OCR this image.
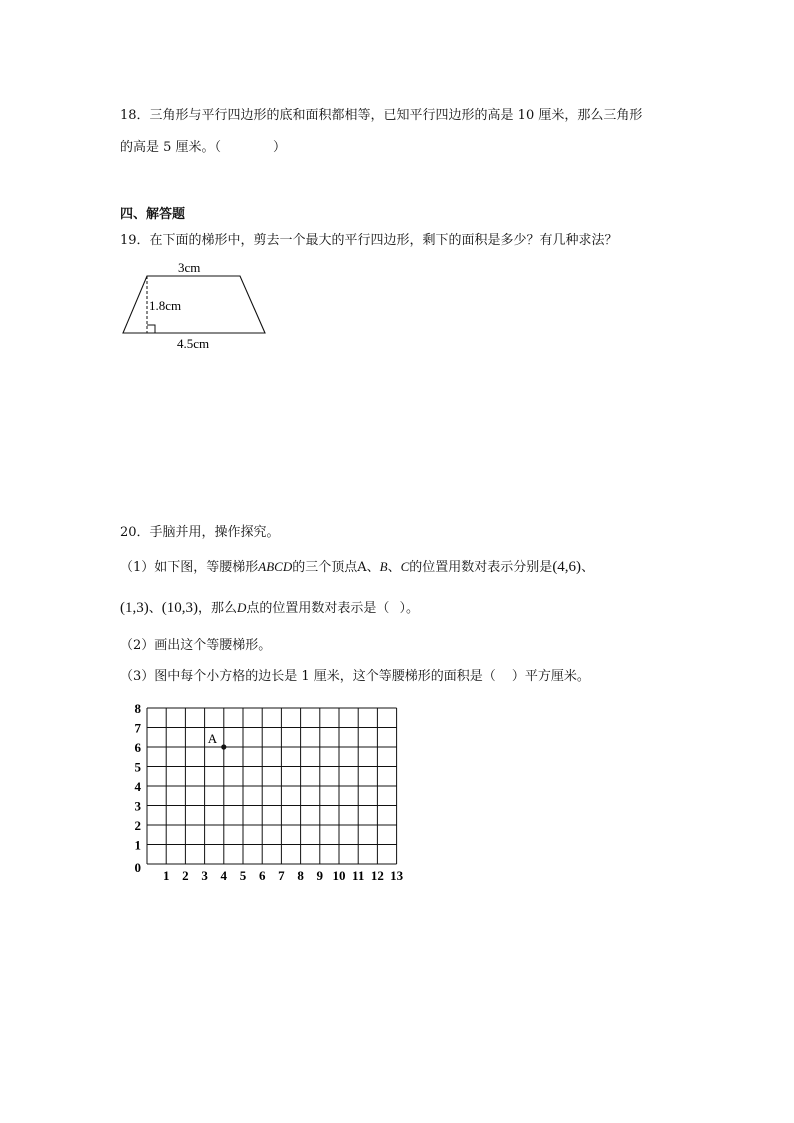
18．三角形与平行四边形的底和面积都相等，已知平行四边形的高是 10 厘米，那么三角形
的高是 5 厘米。（	）
四、解答题
19．在下面的梯形中，剪去一个最大的平行四边形，剩下的面积是多少？有几种求法？
3cm
1.8cm
4.5cm
20．手脑并用，操作探究。
（1）如下图，等腰梯形ABCD的三个顶点A、B、C的位置用数对表示分别是(4,6)、
(1,3)、(10,3)，那么D点的位置用数对表示是（ ）。
（2）画出这个等腰梯形。
（3）图中每个小方格的边长是 1 厘米，这个等腰梯形的面积是（ ）平方厘米。
1 2 3 4 5 6 7 8 9 10 11 12 13
1
2
3
4
5
6
7
8
0
A
